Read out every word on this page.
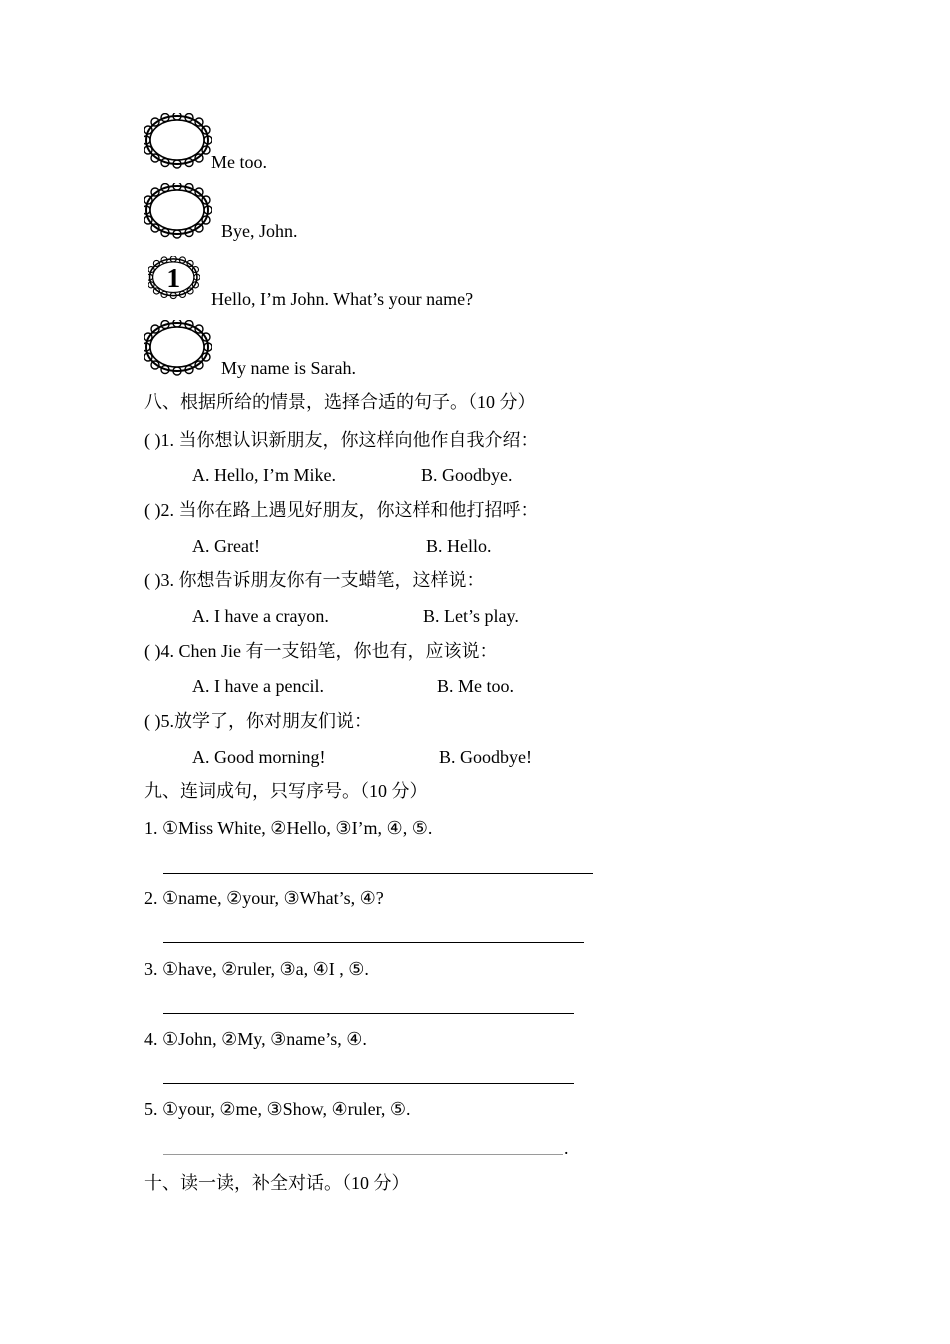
Me too.
Bye, John.
1
Hello, I’m John. What’s your name?
My name is Sarah.
八、根据所给的情景，选择合适的句子。（10 分）
( )1. 当你想认识新朋友，你这样向他作自我介绍：
A. Hello, I’m Mike.	B. Goodbye.
( )2. 当你在路上遇见好朋友，你这样和他打招呼：
A. Great!	B. Hello.
( )3. 你想告诉朋友你有一支蜡笔，这样说：
A. I have a crayon.	B. Let’s play.
( )4. Chen Jie 有一支铅笔，你也有，应该说：
A. I have a pencil.	B. Me too.
( )5.放学了，你对朋友们说：
A. Good morning!	B. Goodbye!
九、连词成句，只写序号。（10 分）
1. ①Miss White, ②Hello, ③I’m, ④, ⑤.
2. ①name, ②your, ③What’s, ④?
3. ①have, ②ruler, ③a, ④I , ⑤.
4. ①John, ②My, ③name’s, ④.
5. ①your, ②me, ③Show, ④ruler, ⑤.
.
十、读一读，补全对话。（10 分）
